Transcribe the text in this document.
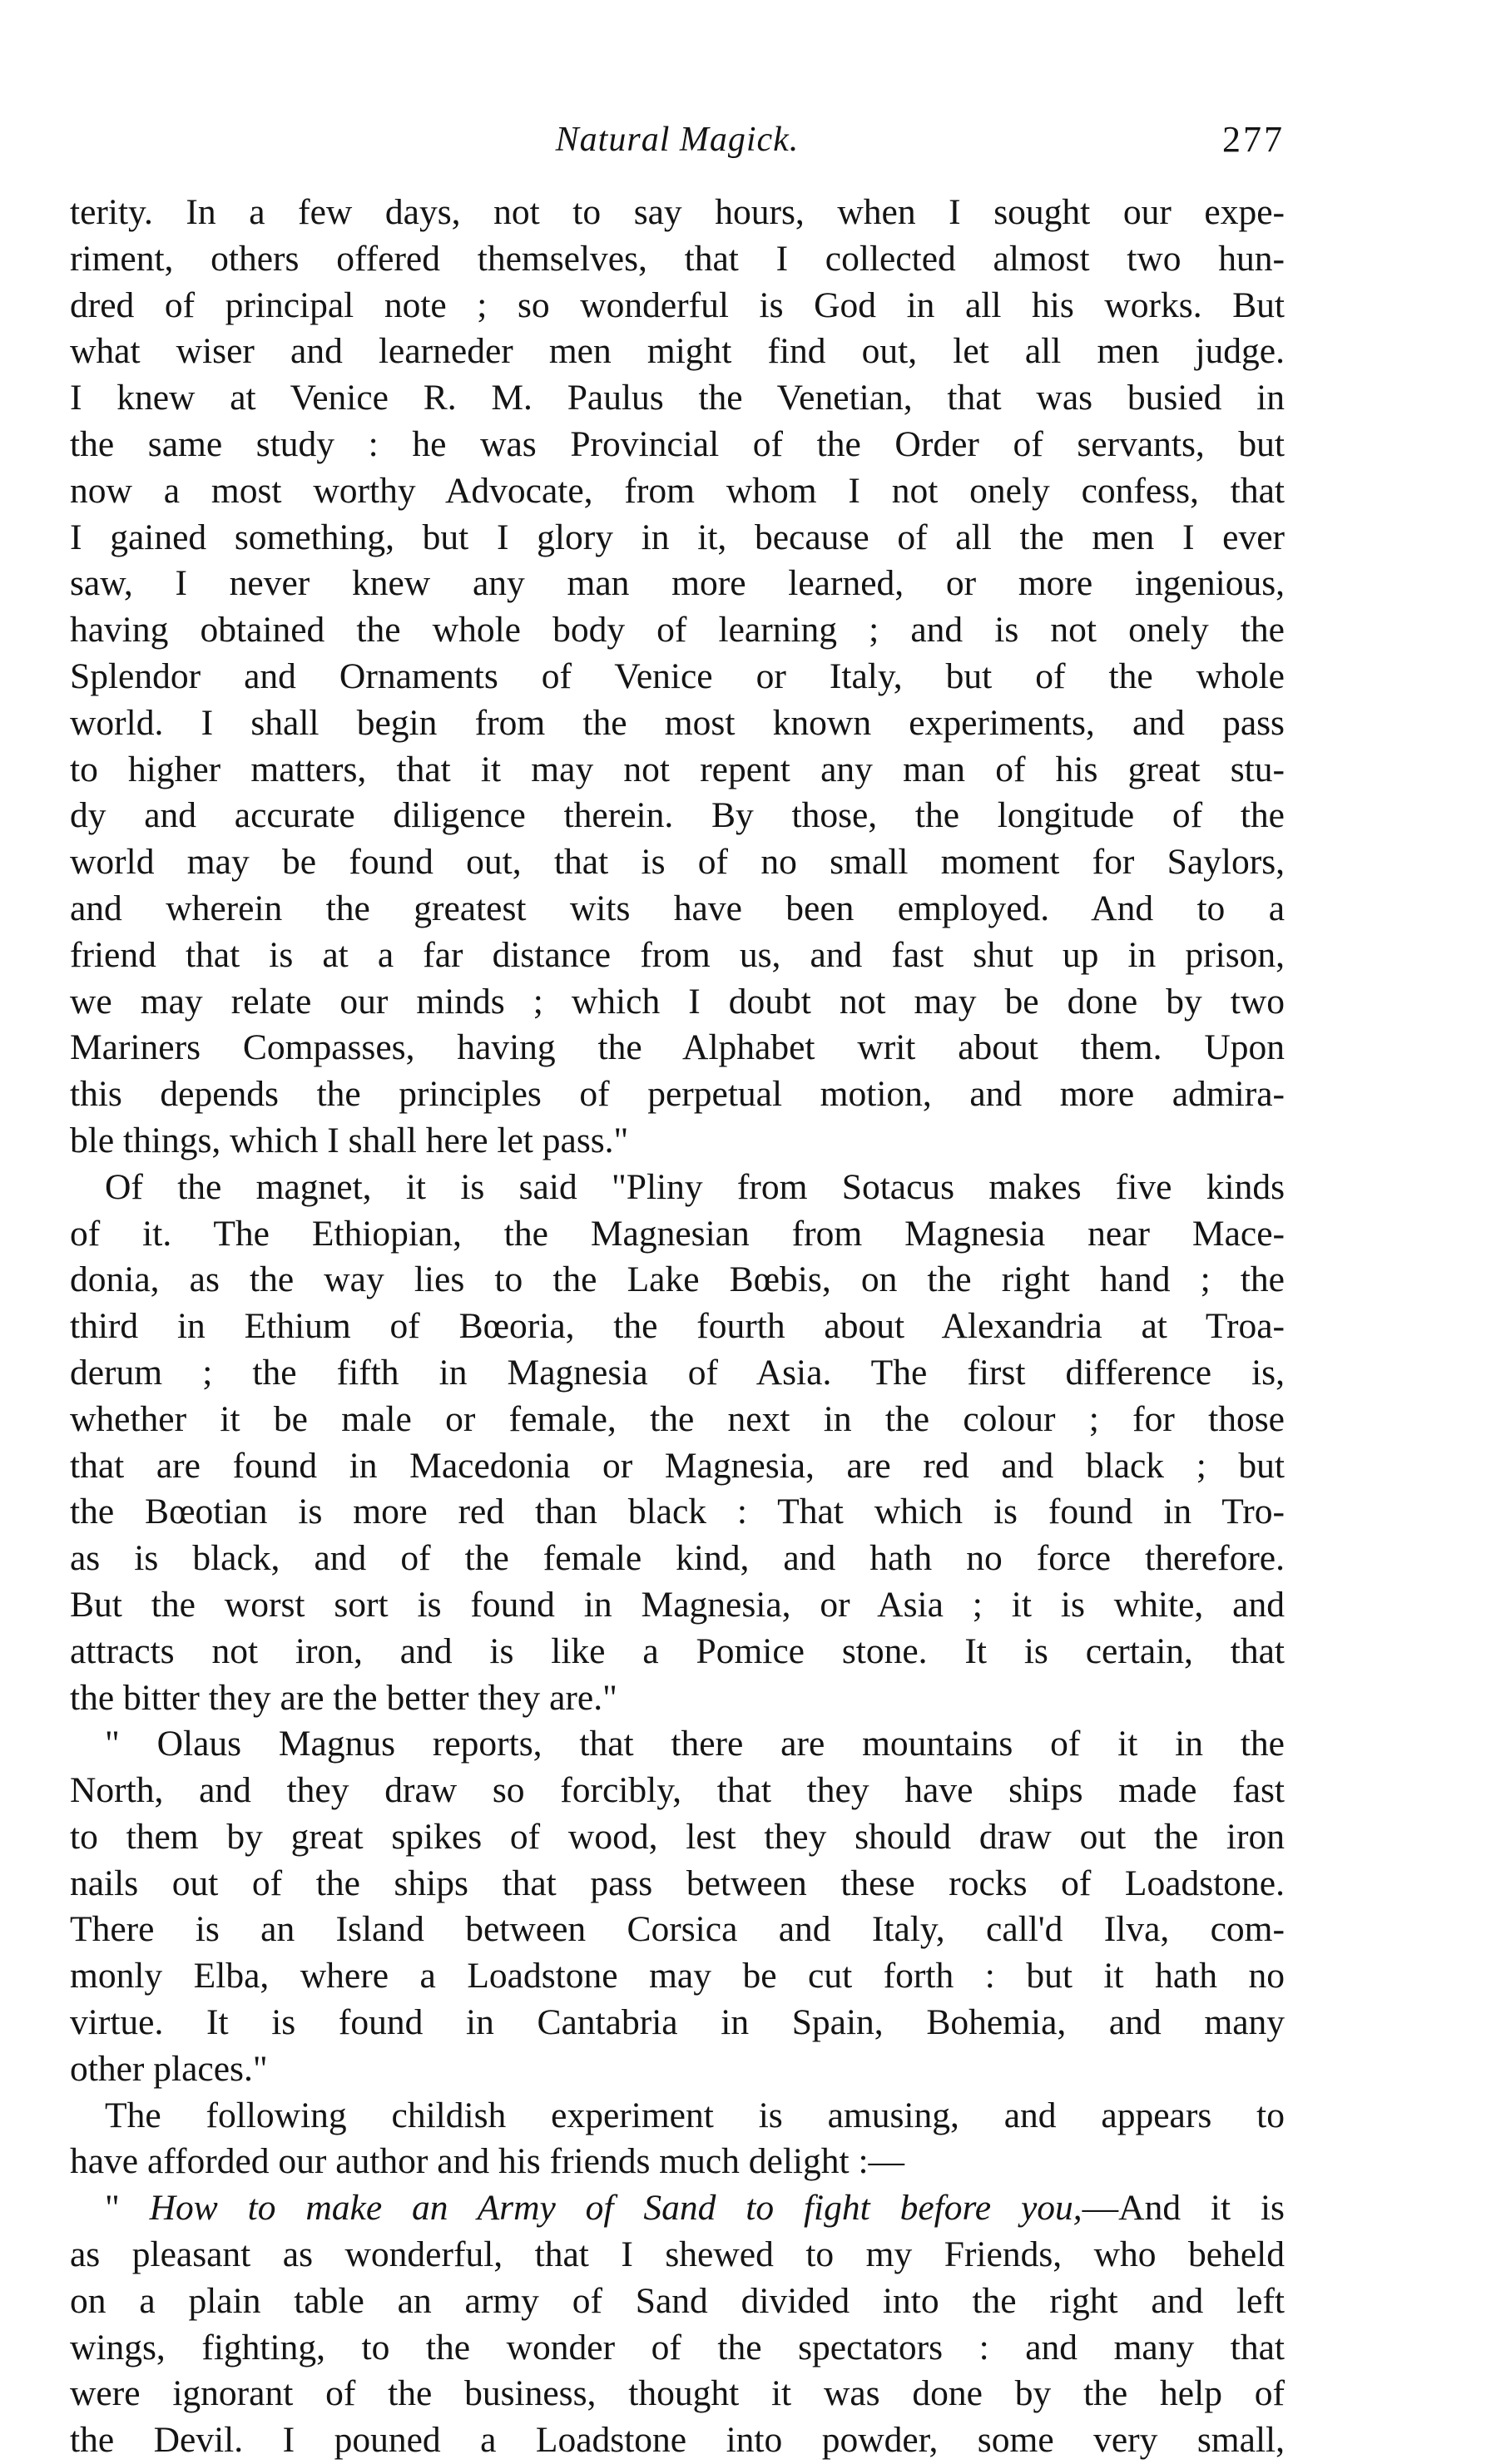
Natural Magick.	277

terity. In a few days, not to say hours, when I sought our expe-

riment, others offered themselves, that I collected almost two hun-

dred of principal note ; so wonderful is God in all his works. But

what wiser and learneder men might find out, let all men judge.

I knew at Venice R. M. Paulus the Venetian, that was busied in

the same study : he was Provincial of the Order of servants, but

now a most worthy Advocate, from whom I not onely confess, that

I gained something, but I glory in it, because of all the men I ever

saw, I never knew any man more learned, or more ingenious,

having obtained the whole body of learning ; and is not onely the

Splendor and Ornaments of Venice or Italy, but of the whole

world. I shall begin from the most known experiments, and pass

to higher matters, that it may not repent any man of his great stu-

dy and accurate diligence therein. By those, the longitude of the

world may be found out, that is of no small moment for Saylors,

and wherein the greatest wits have been employed. And to a

friend that is at a far distance from us, and fast shut up in prison,

we may relate our minds ; which I doubt not may be done by two

Mariners Compasses, having the Alphabet writ about them. Upon

this depends the principles of perpetual motion, and more admira-

ble things, which I shall here let pass."

Of the magnet, it is said "Pliny from Sotacus makes five kinds

of it. The Ethiopian, the Magnesian from Magnesia near Mace-

donia, as the way lies to the Lake Bœbis, on the right hand ; the

third in Ethium of Bœoria, the fourth about Alexandria at Troa-

derum ; the fifth in Magnesia of Asia. The first difference is,

whether it be male or female, the next in the colour ; for those

that are found in Macedonia or Magnesia, are red and black ; but

the Bœotian is more red than black : That which is found in Tro-

as is black, and of the female kind, and hath no force therefore.

But the worst sort is found in Magnesia, or Asia ; it is white, and

attracts not iron, and is like a Pomice stone. It is certain, that

the bitter they are the better they are."

" Olaus Magnus reports, that there are mountains of it in the

North, and they draw so forcibly, that they have ships made fast

to them by great spikes of wood, lest they should draw out the iron

nails out of the ships that pass between these rocks of Loadstone.

There is an Island between Corsica and Italy, call'd Ilva, com-

monly Elba, where a Loadstone may be cut forth : but it hath no

virtue. It is found in Cantabria in Spain, Bohemia, and many

other places."

The following childish experiment is amusing, and appears to

have afforded our author and his friends much delight :—

" How to make an Army of Sand to fight before you,—And it is

as pleasant as wonderful, that I shewed to my Friends, who beheld

on a plain table an army of Sand divided into the right and left

wings, fighting, to the wonder of the spectators : and many that

were ignorant of the business, thought it was done by the help of

the Devil. I pouned a Loadstone into powder, some very small,
